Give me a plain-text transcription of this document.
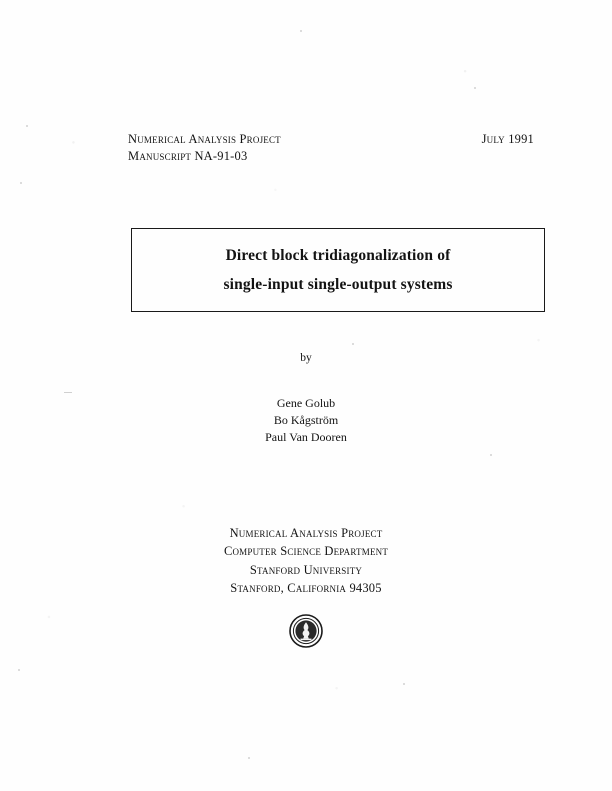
Numerical Analysis Project
Manuscript NA-91-03
July 1991
Direct block tridiagonalization of
single-input single-output systems
by
Gene Golub
Bo Kågström
Paul Van Dooren
Numerical Analysis Project
Computer Science Department
Stanford University
Stanford, California 94305
